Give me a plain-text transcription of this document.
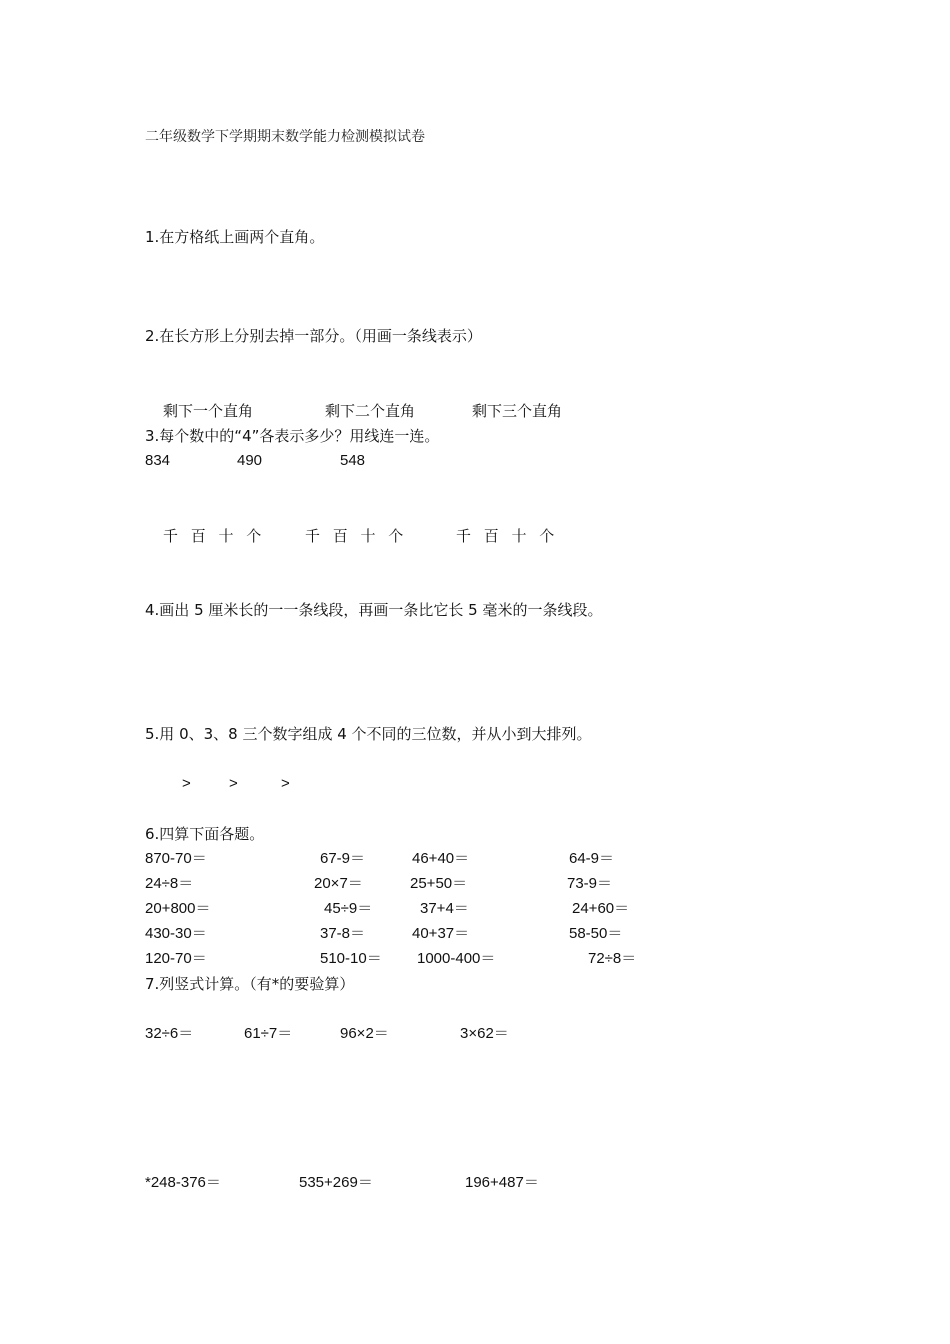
二年级数学下学期期末数学能力检测模拟试卷
1.在方格纸上画两个直角。
2.在长方形上分别去掉一部分。（用画一条线表示）
剩下一个直角	剩下二个直角	剩下三个直角
3.每个数中的“4”各表示多少？用线连一连。
834	490	548
千 百 十 个	千 百 十 个	千 百 十 个
4.画出 5 厘米长的一一条线段，再画一条比它长 5 毫米的一条线段。
5.用 0、3、8 三个数字组成 4 个不同的三位数，并从小到大排列。
>	>	>
6.四算下面各题。
870-70＝	67-9＝	46+40＝	64-9＝
24÷8＝	20×7＝	25+50＝	73-9＝
20+800＝	45÷9＝	37+4＝	24+60＝
430-30＝	37-8＝	40+37＝	58-50＝
120-70＝	510-10＝ 1000-400＝	72÷8＝
7.列竖式计算。（有*的要验算）
32÷6＝	61÷7＝	96×2＝	3×62＝
*248-376＝	535+269＝	196+487＝
